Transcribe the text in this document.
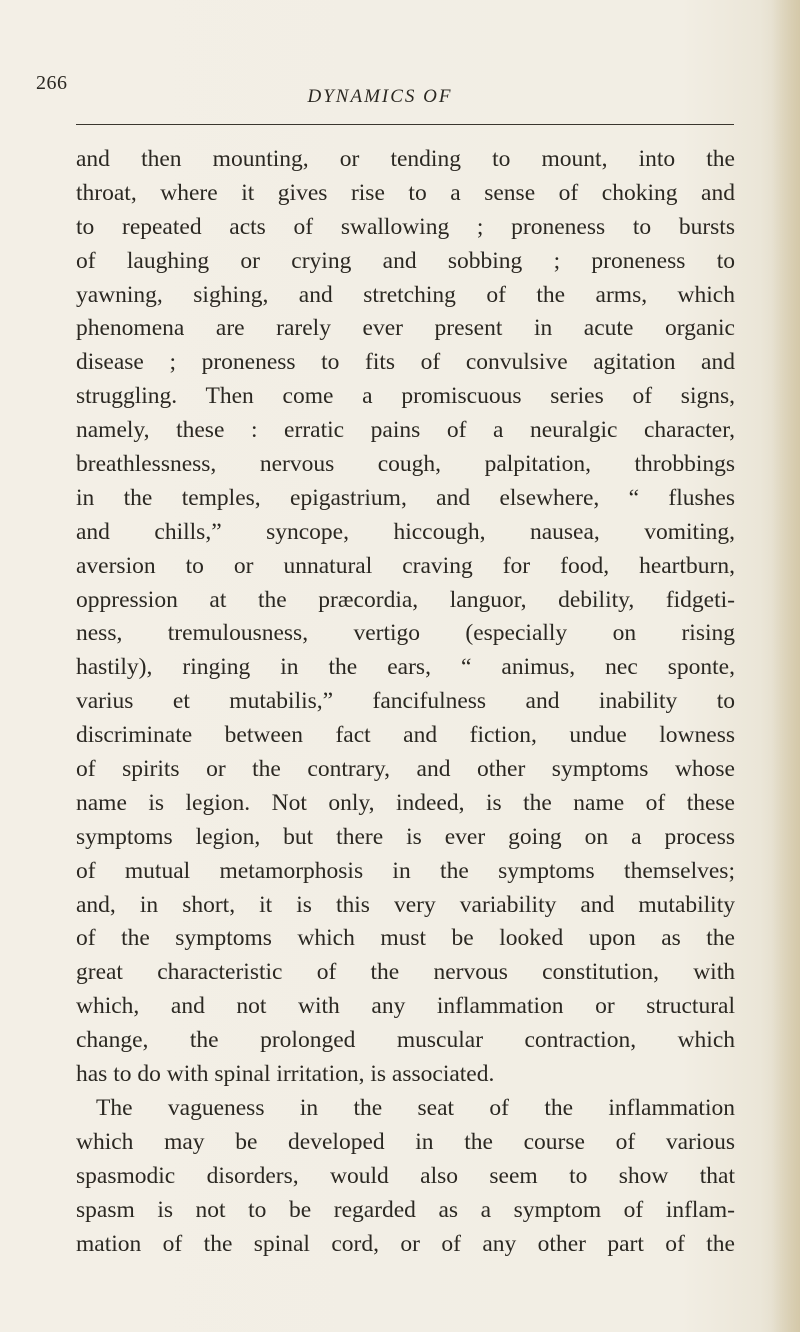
266
DYNAMICS OF
and then mounting, or tending to mount, into the
throat, where it gives rise to a sense of choking and
to repeated acts of swallowing ; proneness to bursts
of laughing or crying and sobbing ; proneness to
yawning, sighing, and stretching of the arms, which
phenomena are rarely ever present in acute organic
disease ; proneness to fits of convulsive agitation and
struggling. Then come a promiscuous series of signs,
namely, these : erratic pains of a neuralgic character,
breathlessness, nervous cough, palpitation, throbbings
in the temples, epigastrium, and elsewhere, “ flushes
and chills,” syncope, hiccough, nausea, vomiting,
aversion to or unnatural craving for food, heartburn,
oppression at the præcordia, languor, debility, fidgeti-
ness, tremulousness, vertigo (especially on rising
hastily), ringing in the ears, “ animus, nec sponte,
varius et mutabilis,” fancifulness and inability to
discriminate between fact and fiction, undue lowness
of spirits or the contrary, and other symptoms whose
name is legion. Not only, indeed, is the name of these
symptoms legion, but there is ever going on a process
of mutual metamorphosis in the symptoms themselves;
and, in short, it is this very variability and mutability
of the symptoms which must be looked upon as the
great characteristic of the nervous constitution, with
which, and not with any inflammation or structural
change, the prolonged muscular contraction, which
has to do with spinal irritation, is associated.
The vagueness in the seat of the inflammation
which may be developed in the course of various
spasmodic disorders, would also seem to show that
spasm is not to be regarded as a symptom of inflam-
mation of the spinal cord, or of any other part of the
